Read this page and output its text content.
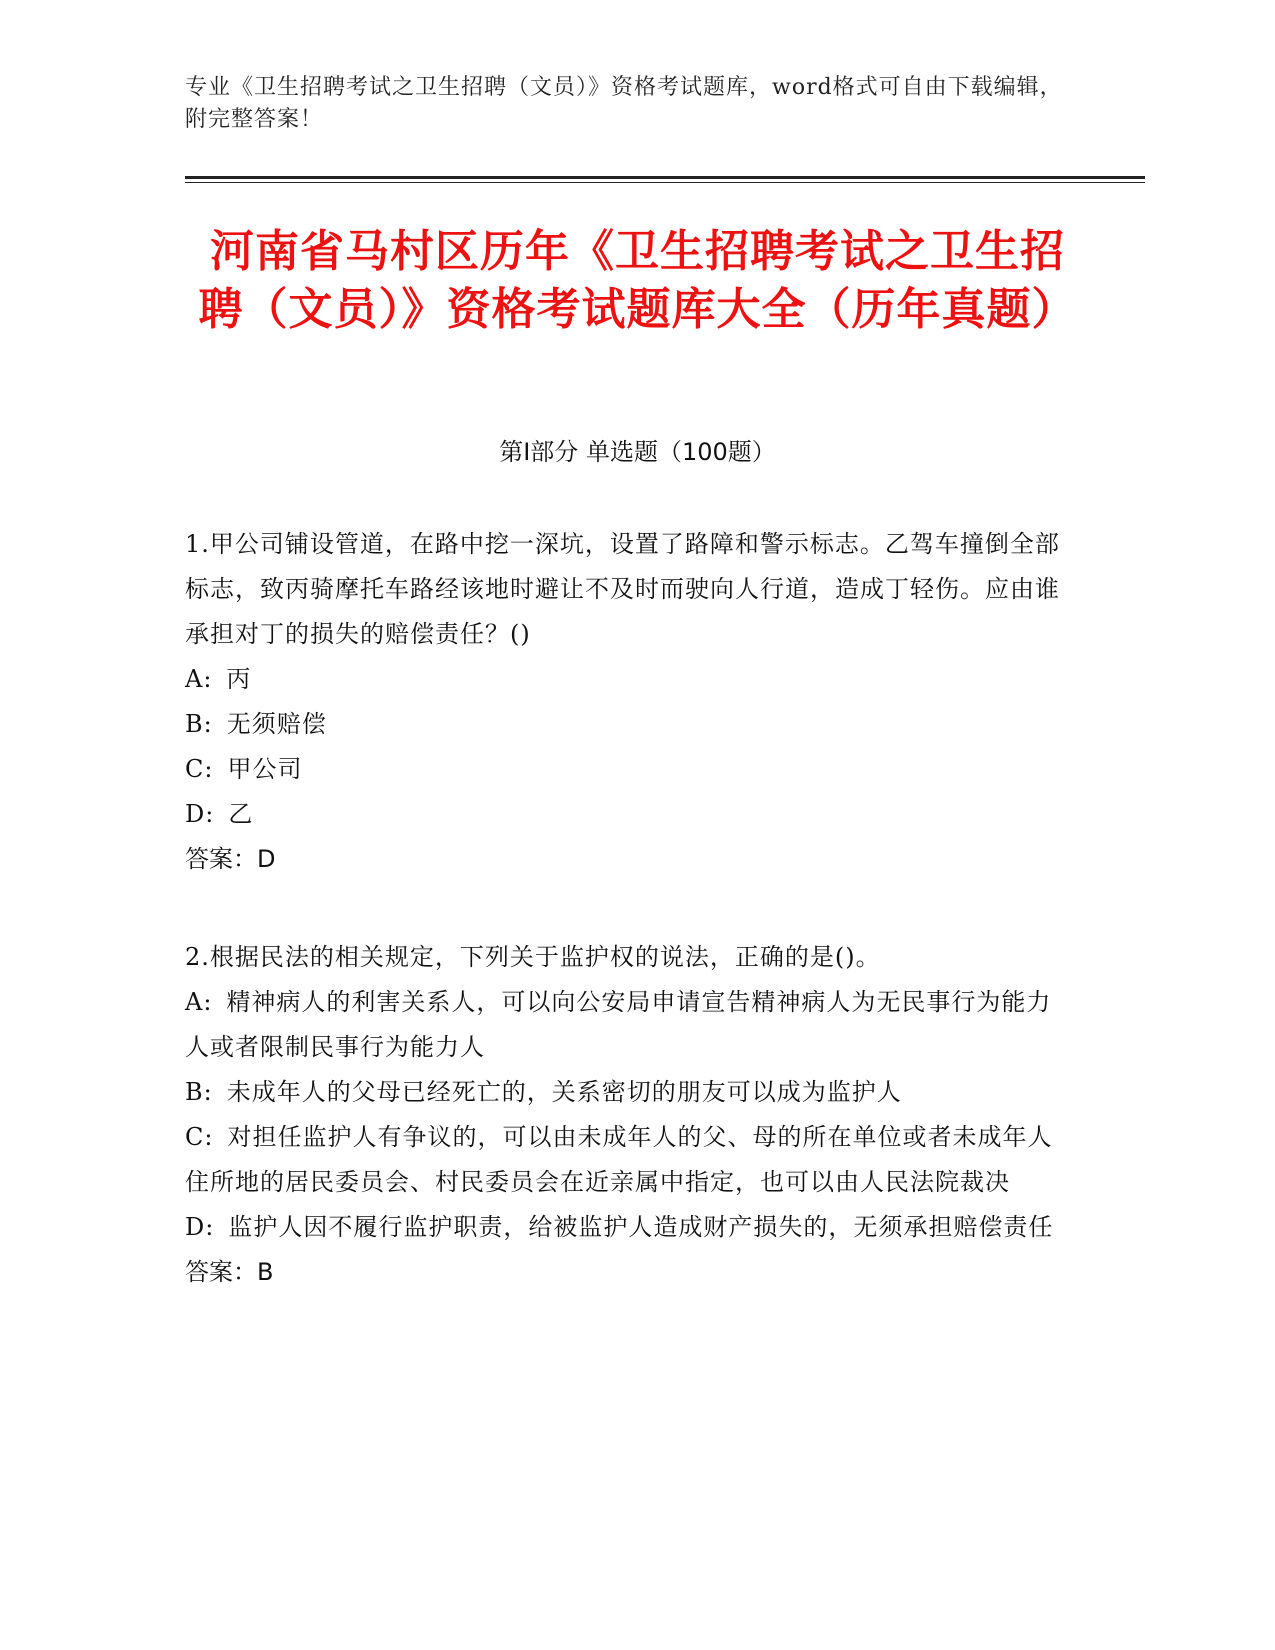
专业《卫生招聘考试之卫生招聘（文员）》资格考试题库，word格式可自由下载编辑，附完整答案！
河南省马村区历年《卫生招聘考试之卫生招聘（文员）》资格考试题库大全（历年真题）
第I部分 单选题（100题）
1.甲公司铺设管道，在路中挖一深坑，设置了路障和警示标志。乙驾车撞倒全部标志，致丙骑摩托车路经该地时避让不及时而驶向人行道，造成丁轻伤。应由谁承担对丁的损失的赔偿责任？()
A: 丙
B: 无须赔偿
C: 甲公司
D: 乙
答案：D
2.根据民法的相关规定，下列关于监护权的说法，正确的是()。
A: 精神病人的利害关系人，可以向公安局申请宣告精神病人为无民事行为能力人或者限制民事行为能力人
B: 未成年人的父母已经死亡的，关系密切的朋友可以成为监护人
C: 对担任监护人有争议的，可以由未成年人的父、母的所在单位或者未成年人住所地的居民委员会、村民委员会在近亲属中指定，也可以由人民法院裁决
D: 监护人因不履行监护职责，给被监护人造成财产损失的，无须承担赔偿责任
答案：B
